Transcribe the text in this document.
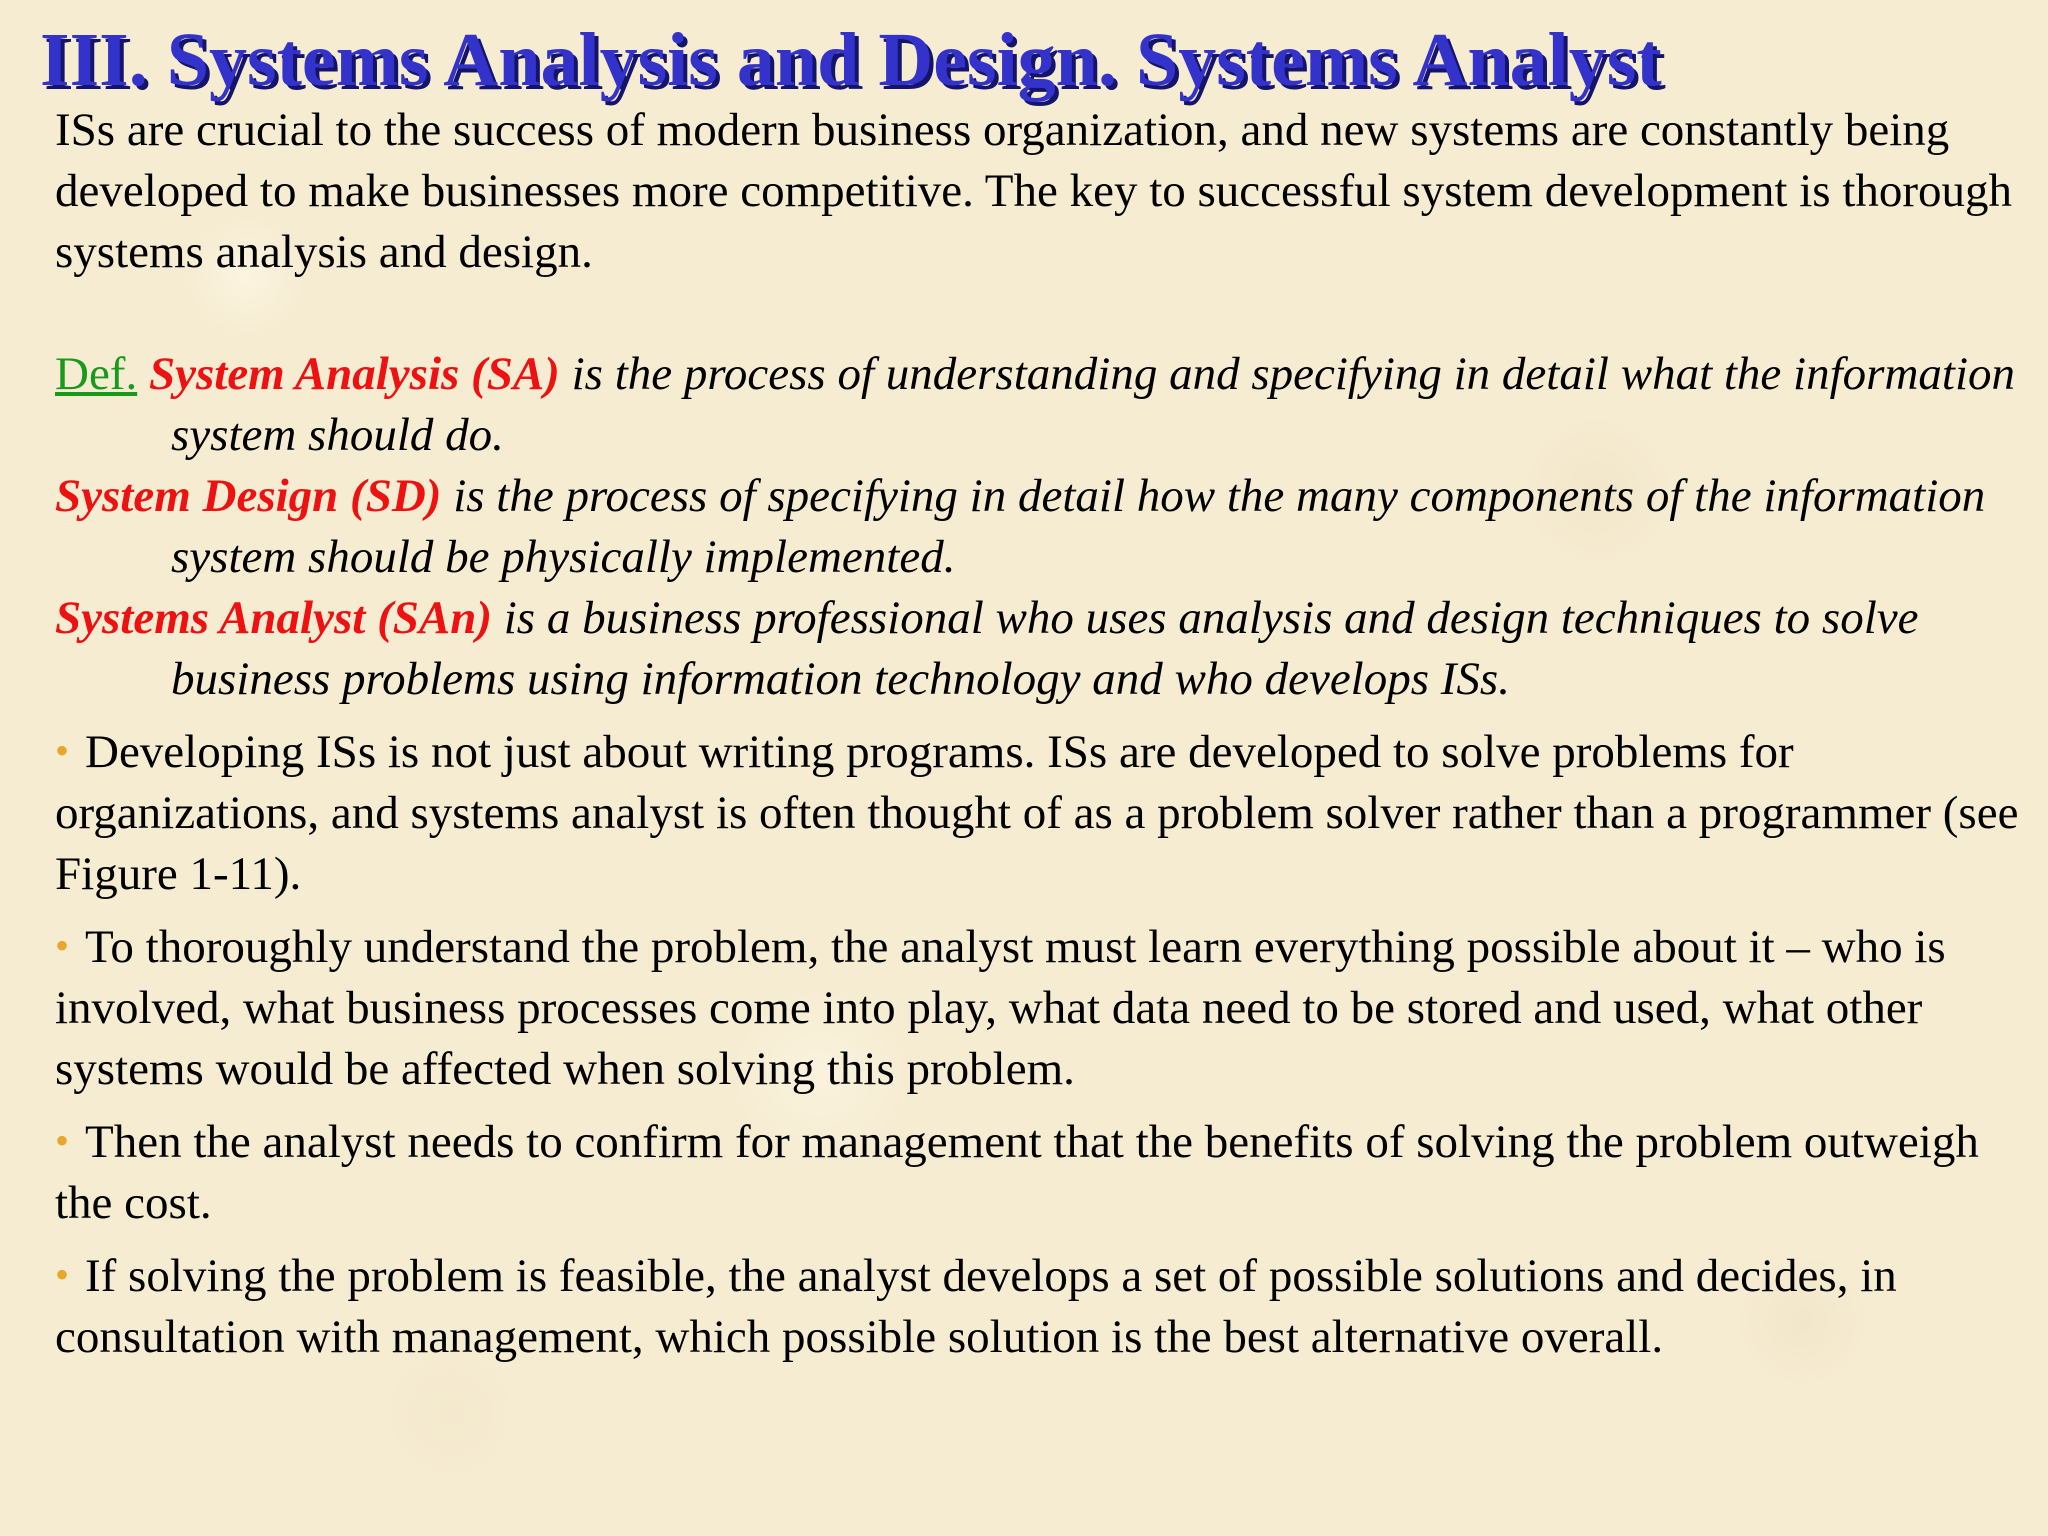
III. Systems Analysis and Design. Systems Analyst

ISs are crucial to the success of modern business organization, and new systems are constantly being developed to make businesses more competitive. The key to successful system development is thorough systems analysis and design.

Def. System Analysis (SA) is the process of understanding and specifying in detail what the information system should do.
System Design (SD) is the process of specifying in detail how the many components of the information system should be physically implemented.
Systems Analyst (SAn) is a business professional who uses analysis and design techniques to solve business problems using information technology and who develops ISs.

• Developing ISs is not just about writing programs. ISs are developed to solve problems for organizations, and systems analyst is often thought of as a problem solver rather than a programmer (see Figure 1-11).

• To thoroughly understand the problem, the analyst must learn everything possible about it – who is involved, what business processes come into play, what data need to be stored and used, what other systems would be affected when solving this problem.

• Then the analyst needs to confirm for management that the benefits of solving the problem outweigh the cost.

• If solving the problem is feasible, the analyst develops a set of possible solutions and decides, in consultation with management, which possible solution is the best alternative overall.
